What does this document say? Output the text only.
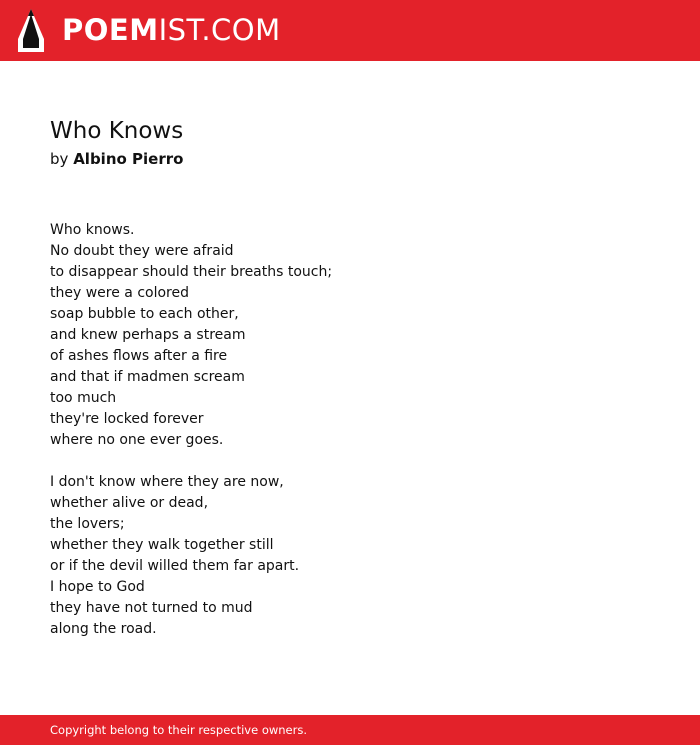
POEMIST.COM
Who Knows
by Albino Pierro
Who knows.
No doubt they were afraid
to disappear should their breaths touch;
they were a colored
soap bubble to each other,
and knew perhaps a stream
of ashes flows after a fire
and that if madmen scream
too much
they're locked forever
where no one ever goes.
I don't know where they are now,
whether alive or dead,
the lovers;
whether they walk together still
or if the devil willed them far apart.
I hope to God
they have not turned to mud
along the road.
Copyright belong to their respective owners.
